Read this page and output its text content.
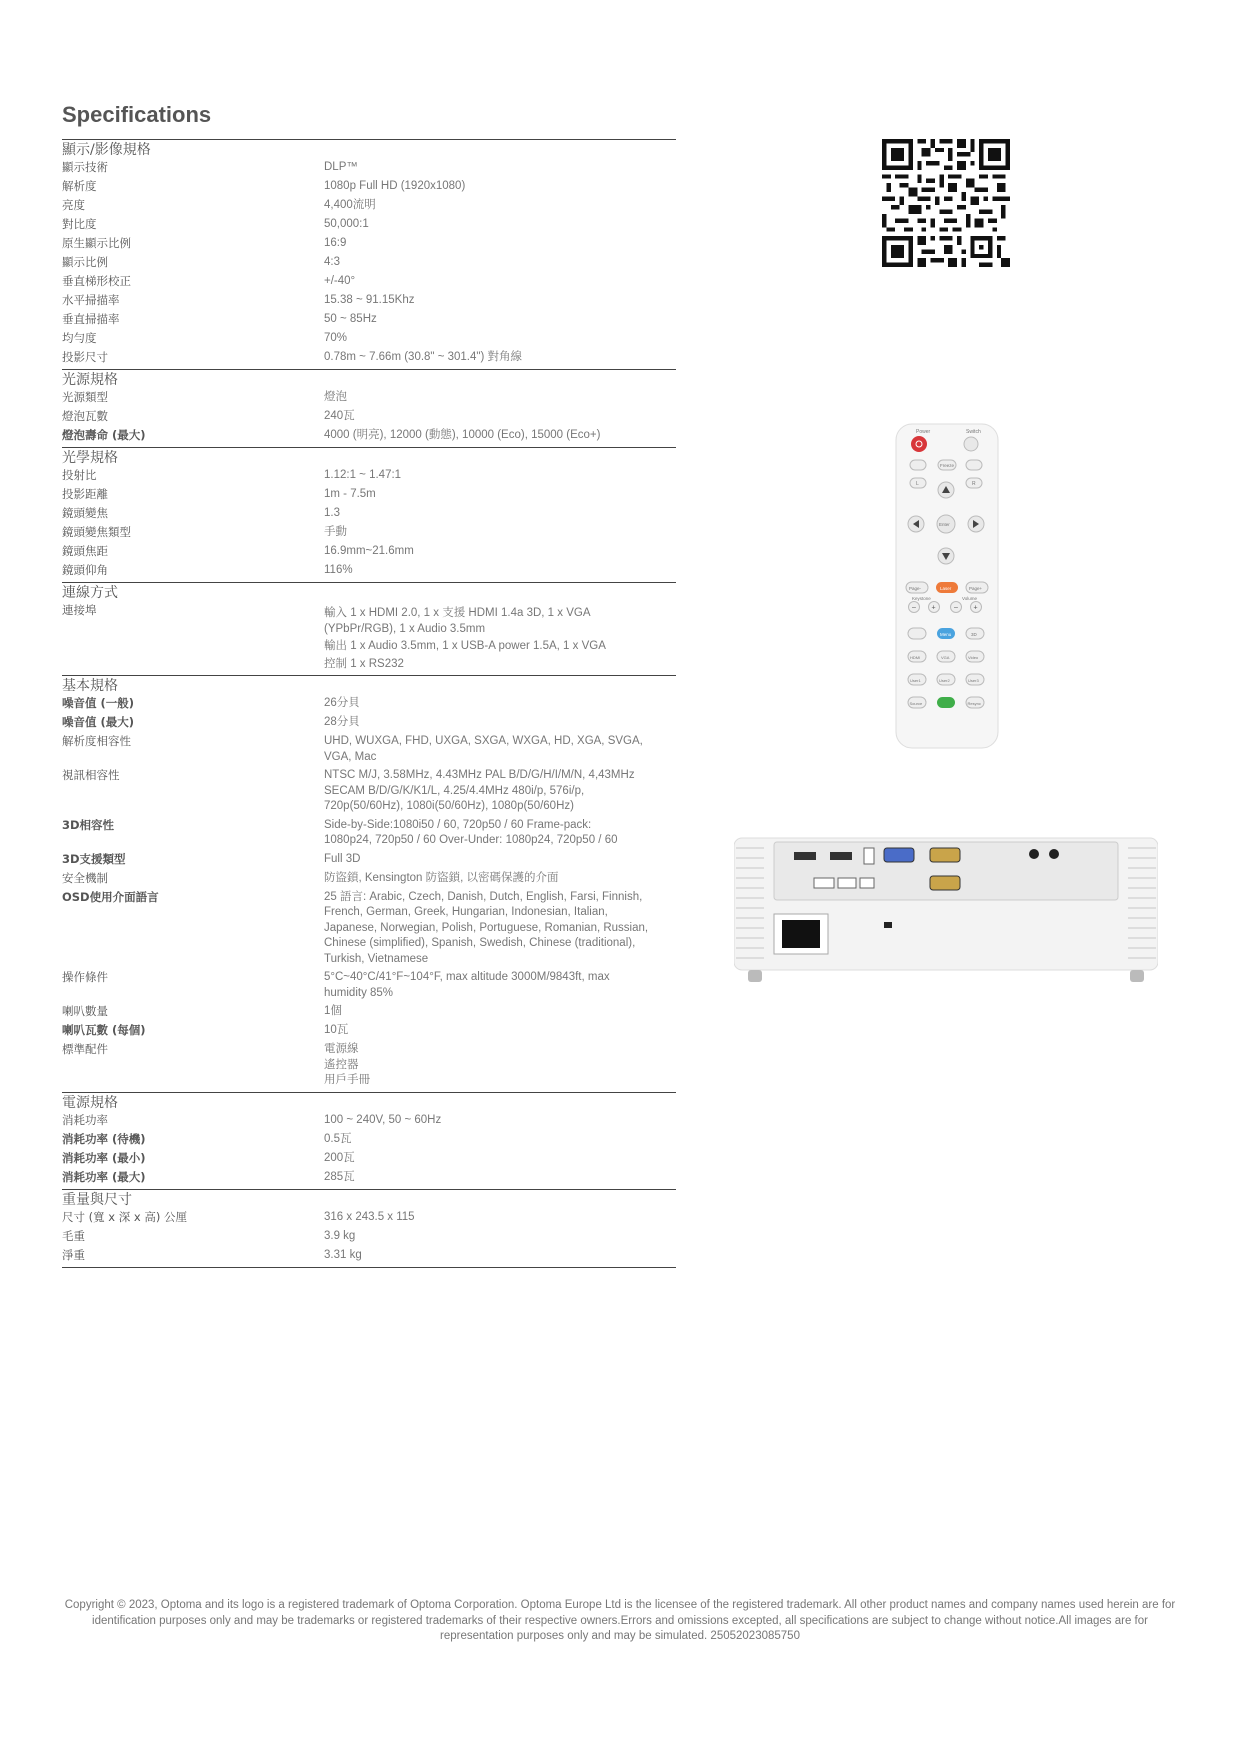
Specifications
顯示/影像規格
顯示技術	DLP™
解析度	1080p Full HD (1920x1080)
亮度	4,400流明
對比度	50,000:1
原生顯示比例	16:9
顯示比例	4:3
垂直梯形校正	+/-40°
水平掃描率	15.38 ~ 91.15Khz
垂直掃描率	50 ~ 85Hz
均勻度	70%
投影尺寸	0.78m ~ 7.66m (30.8" ~ 301.4") 對角線
光源規格
光源類型	燈泡
燈泡瓦數	240瓦
燈泡壽命 (最大)	4000 (明亮), 12000 (動態), 10000 (Eco), 15000 (Eco+)
光學規格
投射比	1.12:1 ~ 1.47:1
投影距離	1m - 7.5m
鏡頭變焦	1.3
鏡頭變焦類型	手動
鏡頭焦距	16.9mm~21.6mm
鏡頭仰角	116%
連線方式
連接埠	輸入 1 x HDMI 2.0, 1 x 支援 HDMI 1.4a 3D, 1 x VGA
(YPbPr/RGB), 1 x Audio 3.5mm
輸出 1 x Audio 3.5mm, 1 x USB-A power 1.5A, 1 x VGA
控制 1 x RS232
基本規格
噪音值 (一般)	26分貝
噪音值 (最大)	28分貝
解析度相容性	UHD, WUXGA, FHD, UXGA, SXGA, WXGA, HD, XGA, SVGA,
VGA, Mac
視訊相容性	NTSC M/J, 3.58MHz, 4.43MHz PAL B/D/G/H/I/M/N, 4,43MHz
SECAM B/D/G/K/K1/L, 4.25/4.4MHz 480i/p, 576i/p,
720p(50/60Hz), 1080i(50/60Hz), 1080p(50/60Hz)
3D相容性	Side-by-Side:1080i50 / 60, 720p50 / 60 Frame-pack:
1080p24, 720p50 / 60 Over-Under: 1080p24, 720p50 / 60
3D支援類型	Full 3D
安全機制	防盜鎖, Kensington 防盜鎖, 以密碼保護的介面
OSD使用介面語言	25 語言: Arabic, Czech, Danish, Dutch, English, Farsi, Finnish,
French, German, Greek, Hungarian, Indonesian, Italian,
Japanese, Norwegian, Polish, Portuguese, Romanian, Russian,
Chinese (simplified), Spanish, Swedish, Chinese (traditional),
Turkish, Vietnamese
操作條件	5°C~40°C/41°F~104°F, max altitude 3000M/9843ft, max
humidity 85%
喇叭數量	1個
喇叭瓦數 (每個)	10瓦
標準配件	電源線
遙控器
用戶手冊
電源規格
消耗功率	100 ~ 240V, 50 ~ 60Hz
消耗功率 (待機)	0.5瓦
消耗功率 (最小)	200瓦
消耗功率 (最大)	285瓦
重量與尺寸
尺寸 (寬 x 深 x 高) 公厘	316 x 243.5 x 115
毛重	3.9 kg
淨重	3.31 kg
Power	Switch
Freeze
L	R
Enter
Page-	Laser	Page+
Keystone	Volume
– +	– +
Menu	3D
HDMI	VGA	Video
User1	User2	User3
Source	Resync
Copyright © 2023, Optoma and its logo is a registered trademark of Optoma Corporation. Optoma Europe Ltd is the licensee of the registered trademark. All other product names and company names used herein are for identification purposes only and may be trademarks or registered trademarks of their respective owners.Errors and omissions excepted, all specifications are subject to change without notice.All images are for representation purposes only and may be simulated. 25052023085750
